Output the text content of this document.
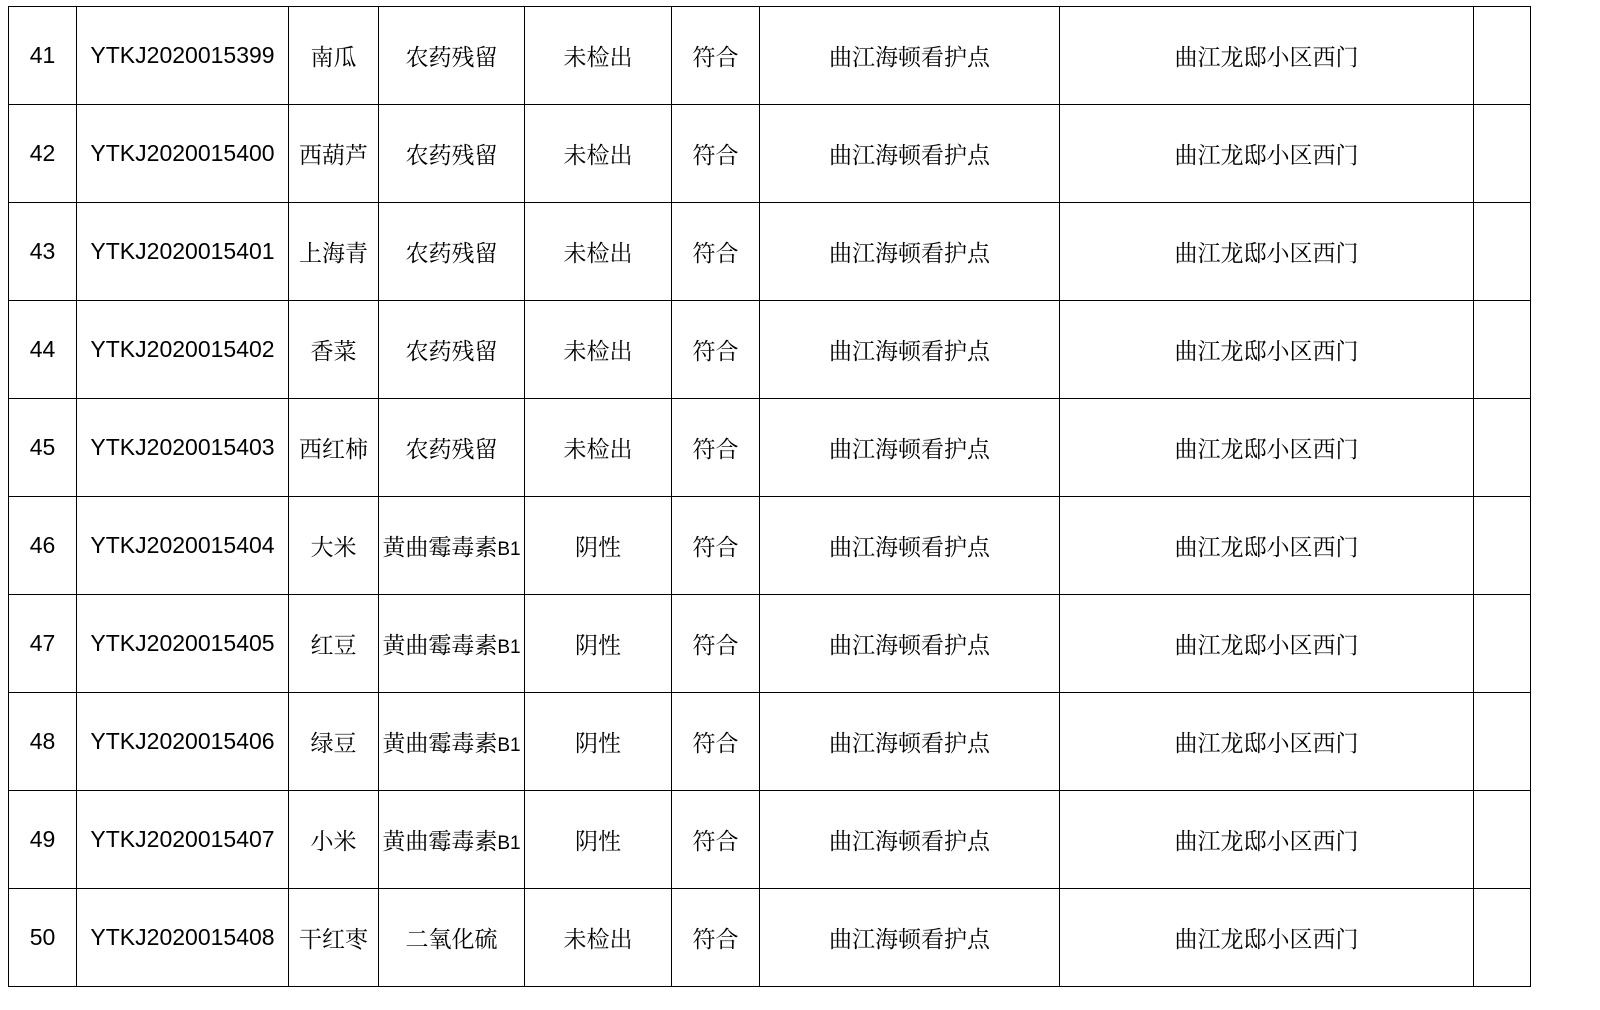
41	YTKJ2020015399	南瓜	农药残留	未检出	符合	曲江海顿看护点	曲江龙邸小区西门	
42	YTKJ2020015400	西葫芦	农药残留	未检出	符合	曲江海顿看护点	曲江龙邸小区西门	
43	YTKJ2020015401	上海青	农药残留	未检出	符合	曲江海顿看护点	曲江龙邸小区西门	
44	YTKJ2020015402	香菜	农药残留	未检出	符合	曲江海顿看护点	曲江龙邸小区西门	
45	YTKJ2020015403	西红柿	农药残留	未检出	符合	曲江海顿看护点	曲江龙邸小区西门	
46	YTKJ2020015404	大米	黄曲霉毒素B1	阴性	符合	曲江海顿看护点	曲江龙邸小区西门	
47	YTKJ2020015405	红豆	黄曲霉毒素B1	阴性	符合	曲江海顿看护点	曲江龙邸小区西门	
48	YTKJ2020015406	绿豆	黄曲霉毒素B1	阴性	符合	曲江海顿看护点	曲江龙邸小区西门	
49	YTKJ2020015407	小米	黄曲霉毒素B1	阴性	符合	曲江海顿看护点	曲江龙邸小区西门	
50	YTKJ2020015408	干红枣	二氧化硫	未检出	符合	曲江海顿看护点	曲江龙邸小区西门	
